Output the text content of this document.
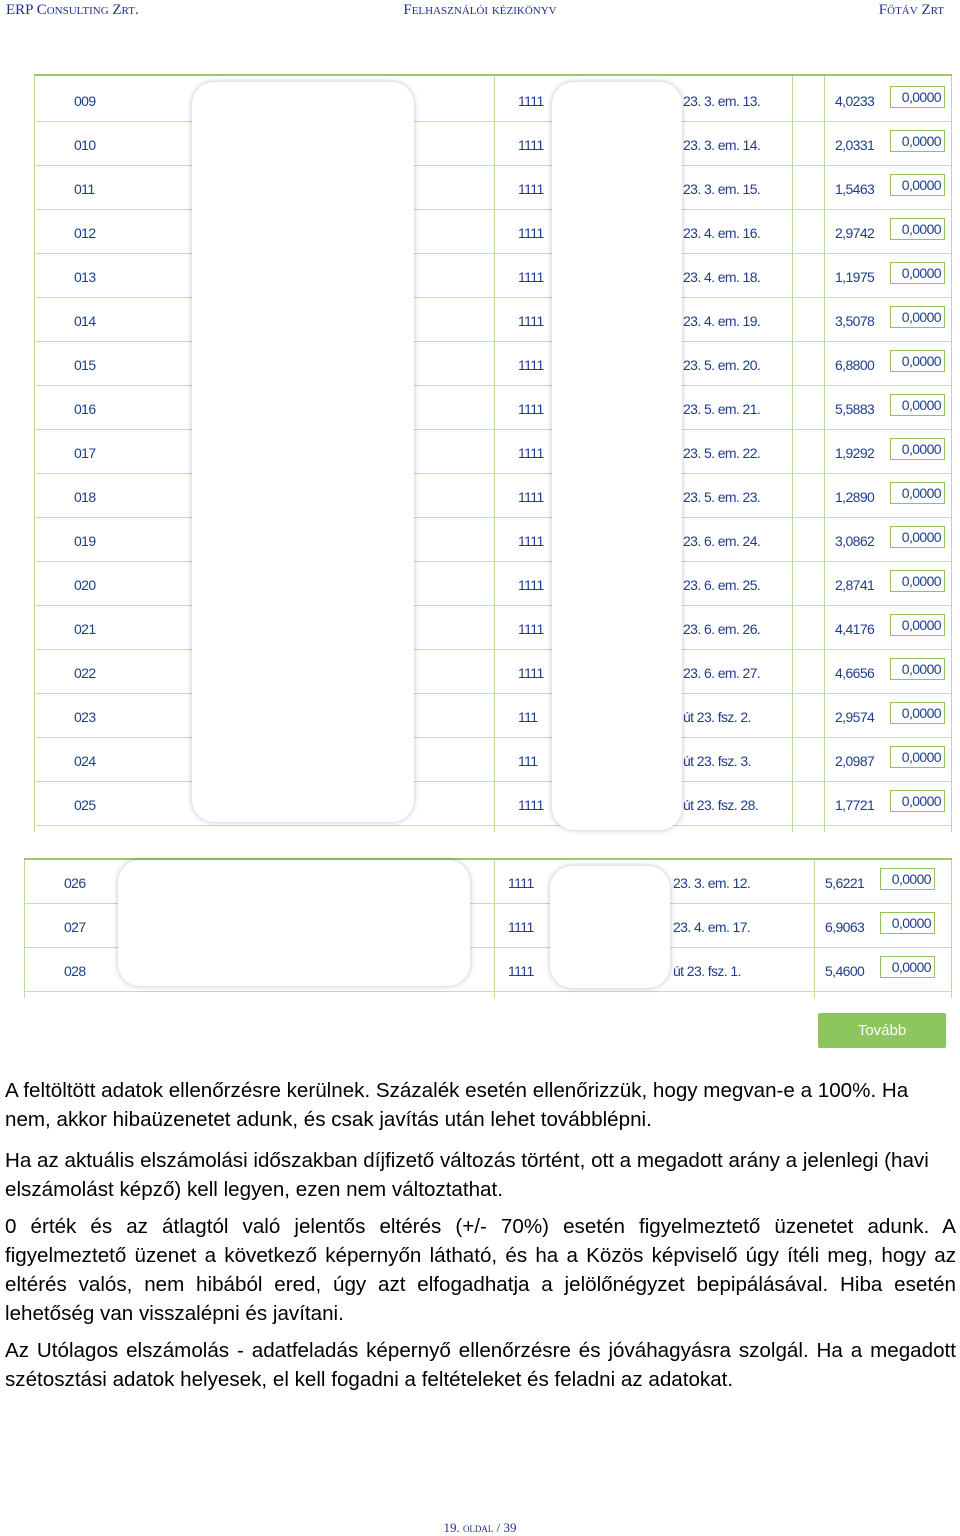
ERP Consulting Zrt.	Felhasználói kézikönyv	Főtáv Zrt
009	1111	23. 3. em. 13.	4,0233	0,0000
010	1111	23. 3. em. 14.	2,0331	0,0000
011	1111	23. 3. em. 15.	1,5463	0,0000
012	1111	23. 4. em. 16.	2,9742	0,0000
013	1111	23. 4. em. 18.	1,1975	0,0000
014	1111	23. 4. em. 19.	3,5078	0,0000
015	1111	23. 5. em. 20.	6,8800	0,0000
016	1111	23. 5. em. 21.	5,5883	0,0000
017	1111	23. 5. em. 22.	1,9292	0,0000
018	1111	23. 5. em. 23.	1,2890	0,0000
019	1111	23. 6. em. 24.	3,0862	0,0000
020	1111	23. 6. em. 25.	2,8741	0,0000
021	1111	23. 6. em. 26.	4,4176	0,0000
022	1111	23. 6. em. 27.	4,6656	0,0000
023	111	út 23. fsz. 2.	2,9574	0,0000
024	111	út 23. fsz. 3.	2,0987	0,0000
025	1111	út 23. fsz. 28.	1,7721	0,0000
026	1111	23. 3. em. 12.	5,6221	0,0000
027	1111	23. 4. em. 17.	6,9063	0,0000
028	1111	út 23. fsz. 1.	5,4600	0,0000
Tovább

A feltöltött adatok ellenőrzésre kerülnek. Százalék esetén ellenőrizzük, hogy megvan-e a 100%. Ha nem, akkor hibaüzenetet adunk, és csak javítás után lehet továbblépni.

Ha az aktuális elszámolási időszakban díjfizető változás történt, ott a megadott arány a jelenlegi (havi elszámolást képző) kell legyen, ezen nem változtathat.

0 érték és az átlagtól való jelentős eltérés (+/- 70%) esetén figyelmeztető üzenetet adunk. A figyelmeztető üzenet a következő képernyőn látható, és ha a Közös képviselő úgy ítéli meg, hogy az eltérés valós, nem hibából ered, úgy azt elfogadhatja a jelölőnégyzet bepipálásával. Hiba esetén lehetőség van visszalépni és javítani.

Az Utólagos elszámolás - adatfeladás képernyő ellenőrzésre és jóváhagyásra szolgál. Ha a megadott szétosztási adatok helyesek, el kell fogadni a feltételeket és feladni az adatokat.

19. oldal / 39
